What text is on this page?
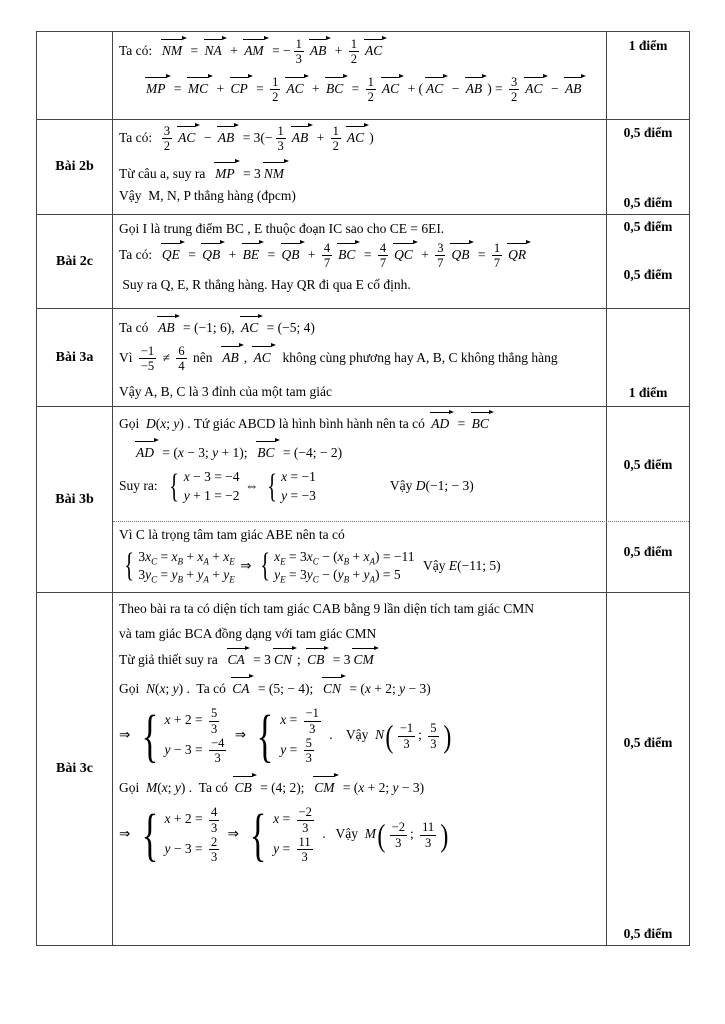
Ta có:  NM = NA + AM = − $\frac{1}{3}$ AB + $\frac{1}{2}$ AC
MP = MC + CP = $\frac{1}{2}$ AC + BC = $\frac{1}{2}$ AC + ( AC − AB ) = $\frac{3}{2}$ AC − AB
1 điểm
Bài 2b
Ta có: $\frac{3}{2}$ AC − AB = $3(- \frac{1}{3}$ AB + $\frac{1}{2}$ AC )
Từ câu a, suy ra  MP = 3 NM
Vậy  M, N, P thẳng hàng (đpcm)
0,5 điểm
0,5 điểm
Bài 2c
Gọi I là trung điểm BC , E thuộc đoạn IC sao cho CE = 6EI.
Ta có:  QE = QB + BE = QB + $\frac{4}{7}$ BC = $\frac{4}{7}$ QC + $\frac{3}{7}$ QB = $\frac{1}{7}$ QR
Suy ra Q, E, R thẳng hàng. Hay QR đi qua E cố định.
0,5 điểm
0,5 điểm
Bài 3a
Ta có  AB = (−1; 6), AC = (−5; 4)
Vì $\frac{-1}{-5} \ne \frac{6}{4}$ nên  AB , AC  không cùng phương hay A, B, C không thẳng hàng
Vậy A, B, C là 3 đỉnh của một tam giác	1 điểm
Bài 3b
Gọi  D(x; y) . Tứ giác ABCD là hình bình hành nên ta có AD = BC
AD = (x − 3; y + 1);  BC = (−4; − 2)
Suy ra: { x − 3 = −4
y + 1 = −2
⇔ { x = −1
y = −3
Vậy D(−1; − 3)
0,5 điểm
Vì C là trọng tâm tam giác ABE nên ta có
{ $3x_C = x_B + x_A + x_E$
$3y_C = y_B + y_A + y_E$
⇒ { $x_E = 3x_C - (x_B + x_A) = -11$
$y_E = 3y_C - (y_B + y_A) = 5$
Vậy E(−11; 5)
0,5 điểm
Bài 3c
Theo bài ra ta có diện tích tam giác CAB bằng 9 lần diện tích tam giác CMN
và tam giác BCA đồng dạng với tam giác CMN
Từ giả thiết suy ra  CA = 3 CN ; CB = 3 CM
Gọi  N(x; y) .  Ta có CA = (5; − 4);  CN = (x + 2; y − 3)
⇒ { $x + 2 = \frac{5}{3}$
$y - 3 = \frac{-4}{3}$
⇒ { $x = \frac{-1}{3}$
$y = \frac{5}{3}$
.    Vậy  $N( \frac{-1}{3}$ ; $\frac{5}{3}$ )
Gọi  M(x; y) .  Ta có CB = (4; 2);  CM = (x + 2; y − 3)
⇒ { $x + 2 = \frac{4}{3}$
$y - 3 = \frac{2}{3}$
⇒ { $x = \frac{-2}{3}$
$y = \frac{11}{3}$
.   Vậy  $M( \frac{-2}{3}$ ; $\frac{11}{3}$ )
0,5 điểm
0,5 điểm
